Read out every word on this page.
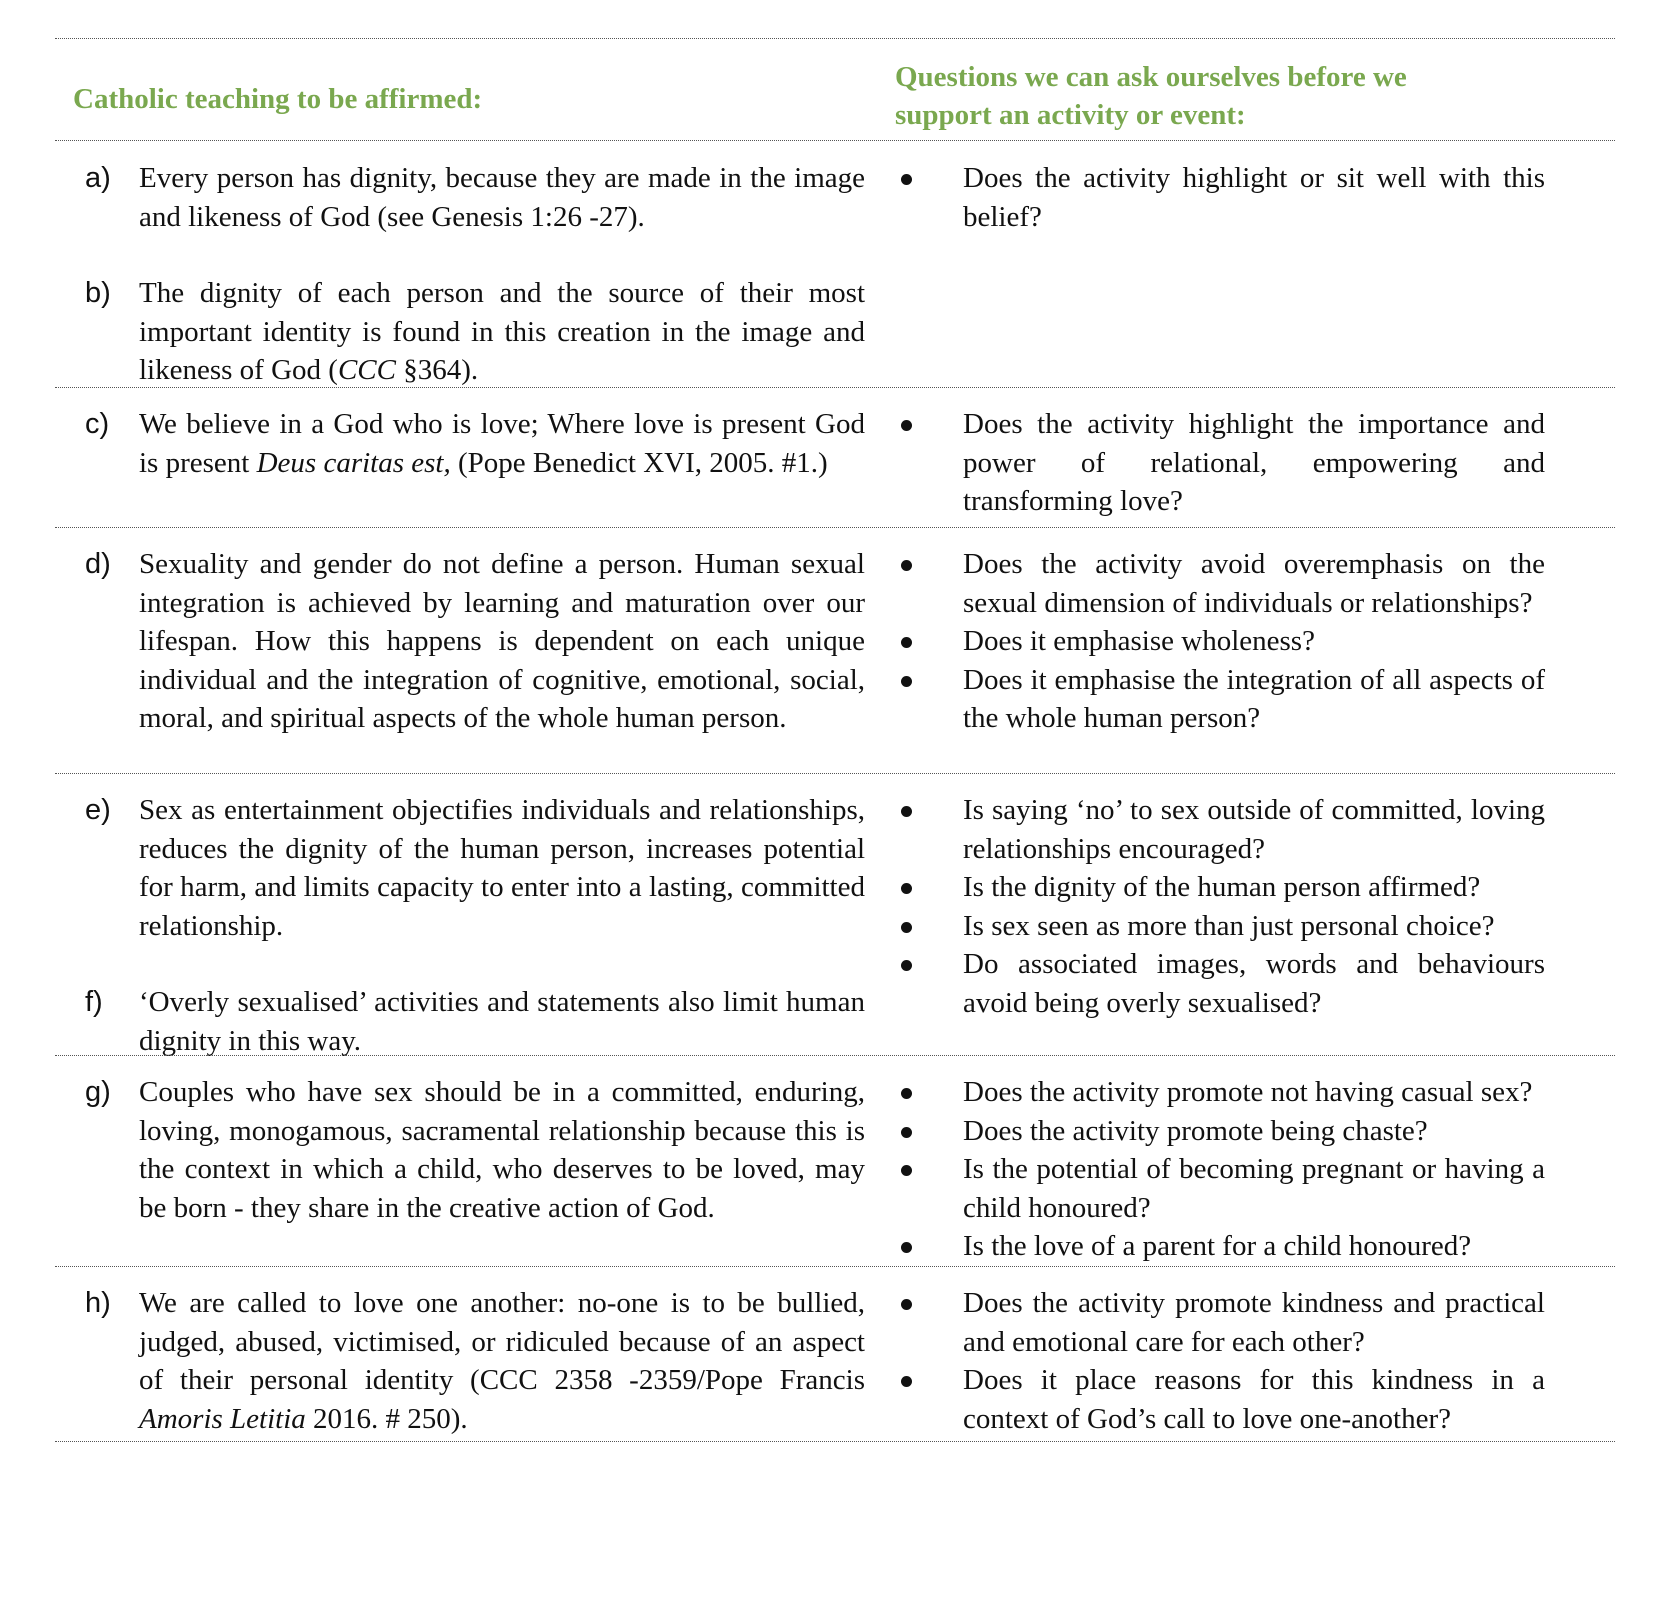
Catholic teaching to be affirmed:
Questions we can ask ourselves before we
support an activity or event:
a) Every person has dignity, because they are made in the image and likeness of God (see Genesis 1:26 -27).
b) The dignity of each person and the source of their most important identity is found in this creation in the image and likeness of God (CCC §364).
Does the activity highlight or sit well with this belief?
c) We believe in a God who is love; Where love is present God is present Deus caritas est, (Pope Benedict XVI, 2005. #1.)
Does the activity highlight the importance and power of relational, empowering and transforming love?
d) Sexuality and gender do not define a person. Human sexual integration is achieved by learning and maturation over our lifespan. How this happens is dependent on each unique individual and the integration of cognitive, emotional, social, moral, and spiritual aspects of the whole human person.
Does the activity avoid overemphasis on the sexual dimension of individuals or relationships?
Does it emphasise wholeness?
Does it emphasise the integration of all aspects of the whole human person?
e) Sex as entertainment objectifies individuals and relationships, reduces the dignity of the human person, increases potential for harm, and limits capacity to enter into a lasting, committed relationship.
f) ‘Overly sexualised’ activities and statements also limit human dignity in this way.
Is saying ‘no’ to sex outside of committed, loving relationships encouraged?
Is the dignity of the human person affirmed?
Is sex seen as more than just personal choice?
Do associated images, words and behaviours avoid being overly sexualised?
g) Couples who have sex should be in a committed, enduring, loving, monogamous, sacramental relationship because this is the context in which a child, who deserves to be loved, may be born - they share in the creative action of God.
Does the activity promote not having casual sex?
Does the activity promote being chaste?
Is the potential of becoming pregnant or having a child honoured?
Is the love of a parent for a child honoured?
h) We are called to love one another: no-one is to be bullied, judged, abused, victimised, or ridiculed because of an aspect of their personal identity (CCC 2358 -2359/Pope Francis Amoris Letitia 2016. # 250).
Does the activity promote kindness and practical and emotional care for each other?
Does it place reasons for this kindness in a context of God’s call to love one-another?
